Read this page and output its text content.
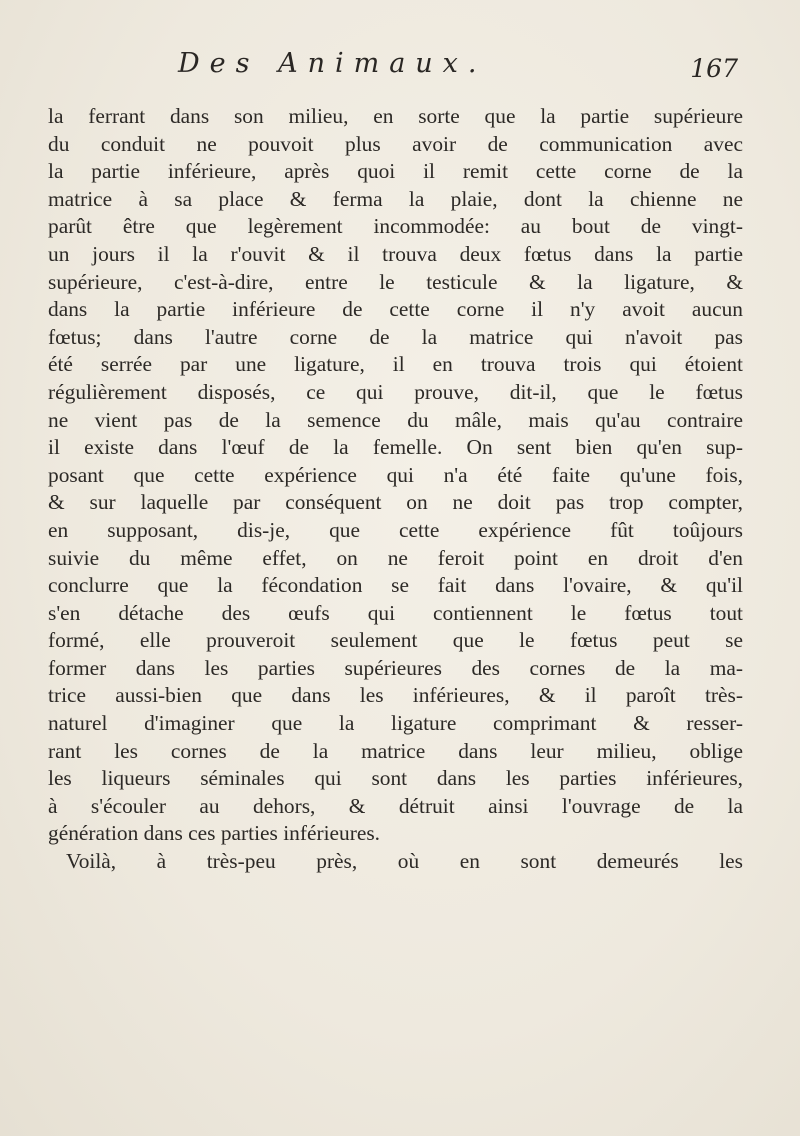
Des Animaux.	167
la ferrant dans son milieu, en sorte que la partie supérieure
du conduit ne pouvoit plus avoir de communication avec
la partie inférieure, après quoi il remit cette corne de la
matrice à sa place & ferma la plaie, dont la chienne ne
parût être que legèrement incommodée: au bout de vingt-
un jours il la r'ouvit & il trouva deux fœtus dans la partie
supérieure, c'est-à-dire, entre le testicule & la ligature, &
dans la partie inférieure de cette corne il n'y avoit aucun
fœtus; dans l'autre corne de la matrice qui n'avoit pas
été serrée par une ligature, il en trouva trois qui étoient
régulièrement disposés, ce qui prouve, dit-il, que le fœtus
ne vient pas de la semence du mâle, mais qu'au contraire
il existe dans l'œuf de la femelle. On sent bien qu'en sup-
posant que cette expérience qui n'a été faite qu'une fois,
& sur laquelle par conséquent on ne doit pas trop compter,
en supposant, dis-je, que cette expérience fût toûjours
suivie du même effet, on ne feroit point en droit d'en
conclurre que la fécondation se fait dans l'ovaire, & qu'il
s'en détache des œufs qui contiennent le fœtus tout
formé, elle prouveroit seulement que le fœtus peut se
former dans les parties supérieures des cornes de la ma-
trice aussi-bien que dans les inférieures, & il paroît très-
naturel d'imaginer que la ligature comprimant & resser-
rant les cornes de la matrice dans leur milieu, oblige
les liqueurs séminales qui sont dans les parties inférieures,
à s'écouler au dehors, & détruit ainsi l'ouvrage de la
génération dans ces parties inférieures.
Voilà, à très-peu près, où en sont demeurés les
